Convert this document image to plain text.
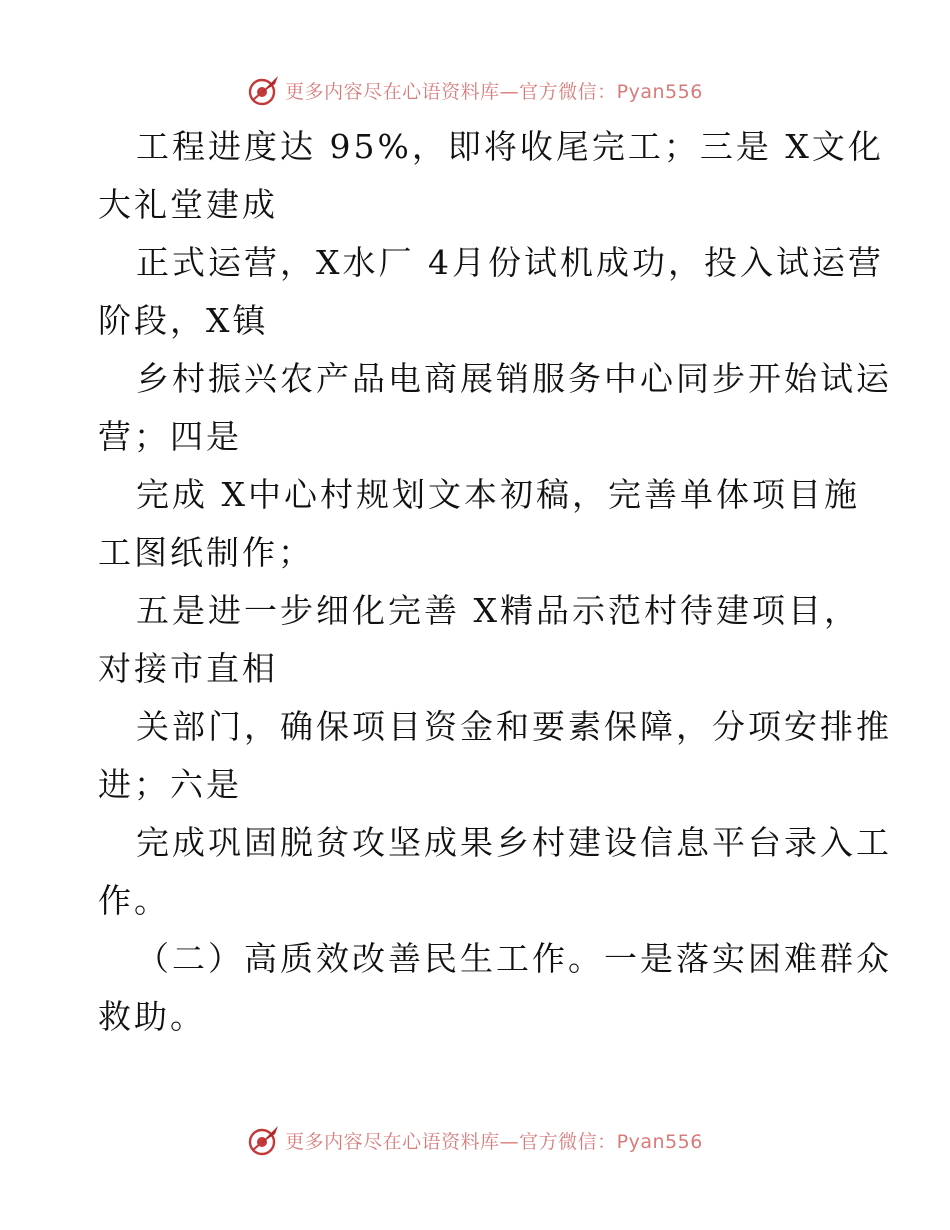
更多内容尽在心语资料库—官方微信：Pyan556
工程进度达 95%，即将收尾完工；三是 X文化
大礼堂建成
正式运营，X水厂 4月份试机成功，投入试运营
阶段，X镇
乡村振兴农产品电商展销服务中心同步开始试运
营；四是
完成 X中心村规划文本初稿，完善单体项目施
工图纸制作；
五是进一步细化完善 X精品示范村待建项目，
对接市直相
关部门，确保项目资金和要素保障，分项安排推
进；六是
完成巩固脱贫攻坚成果乡村建设信息平台录入工
作。
（二）高质效改善民生工作。一是落实困难群众
救助。
更多内容尽在心语资料库—官方微信：Pyan556
